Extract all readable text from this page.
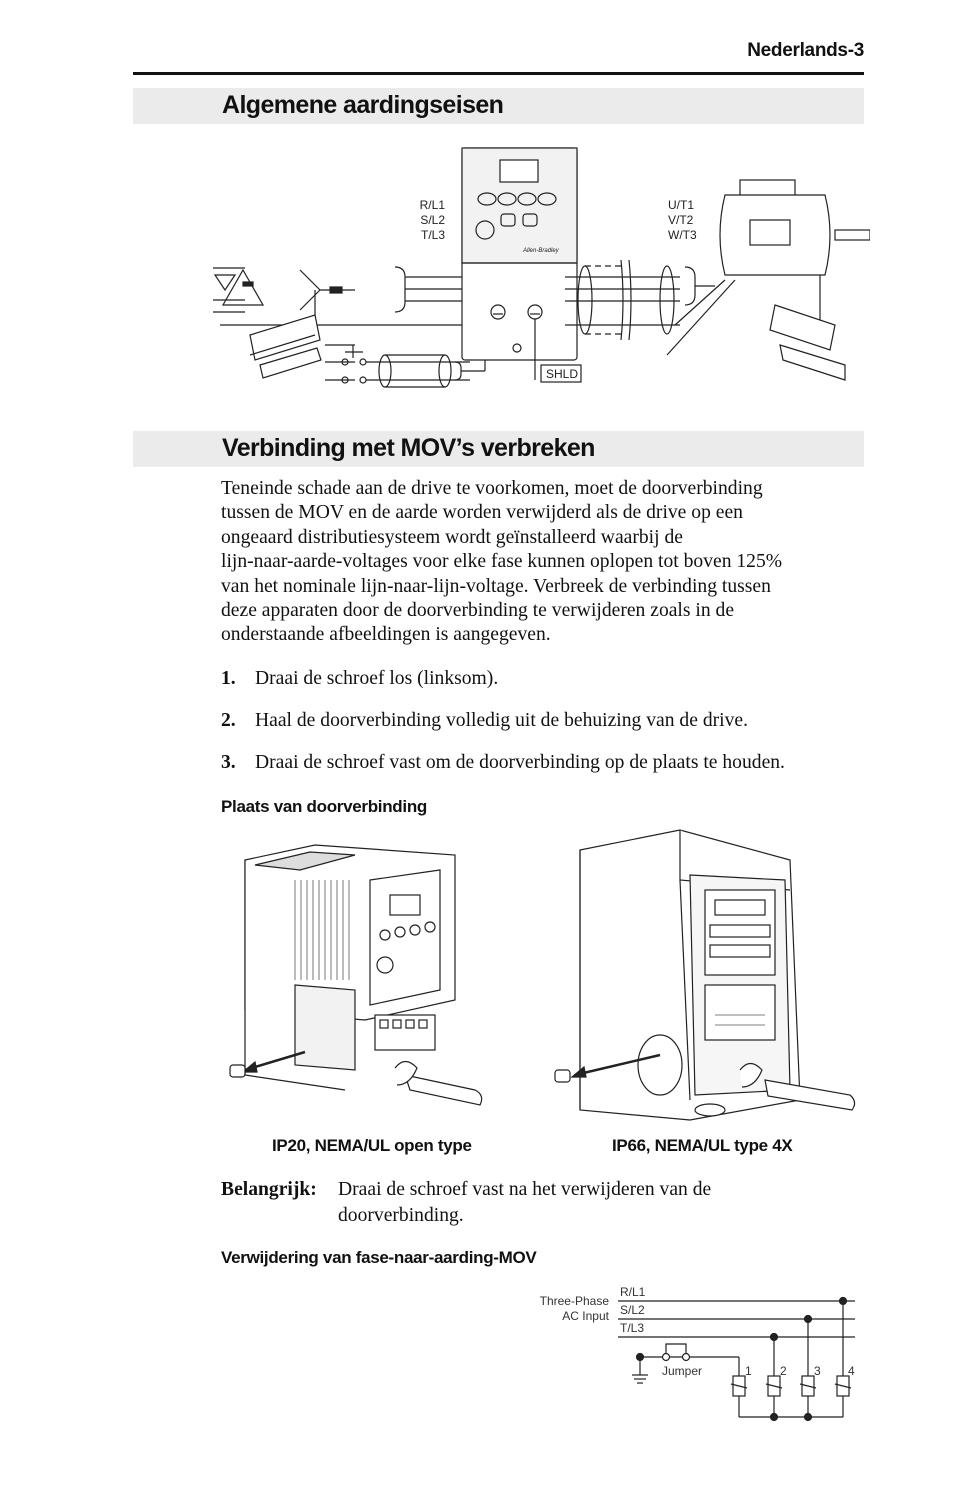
Nederlands-3
Algemene aardingseisen
R/L1
S/L2
T/L3
U/T1
V/T2
W/T3
SHLD
Allen-Bradley
Verbinding met MOV’s verbreken

Teneinde schade aan de drive te voorkomen, moet de doorverbinding
tussen de MOV en de aarde worden verwijderd als de drive op een
ongeaard distributiesysteem wordt geïnstalleerd waarbij de
lijn-naar-aarde-voltages voor elke fase kunnen oplopen tot boven 125%
van het nominale lijn-naar-lijn-voltage. Verbreek de verbinding tussen
deze apparaten door de doorverbinding te verwijderen zoals in de
onderstaande afbeeldingen is aangegeven.

1. Draai de schroef los (linksom).
2. Haal de doorverbinding volledig uit de behuizing van de drive.
3. Draai de schroef vast om de doorverbinding op de plaats te houden.
Plaats van doorverbinding
IP20, NEMA/UL open type	IP66, NEMA/UL type 4X
Belangrijk: Draai de schroef vast na het verwijderen van de
doorverbinding.
Verwijdering van fase-naar-aarding-MOV
Three-Phase
AC Input
R/L1
S/L2
T/L3
Jumper	1 2 3 4
